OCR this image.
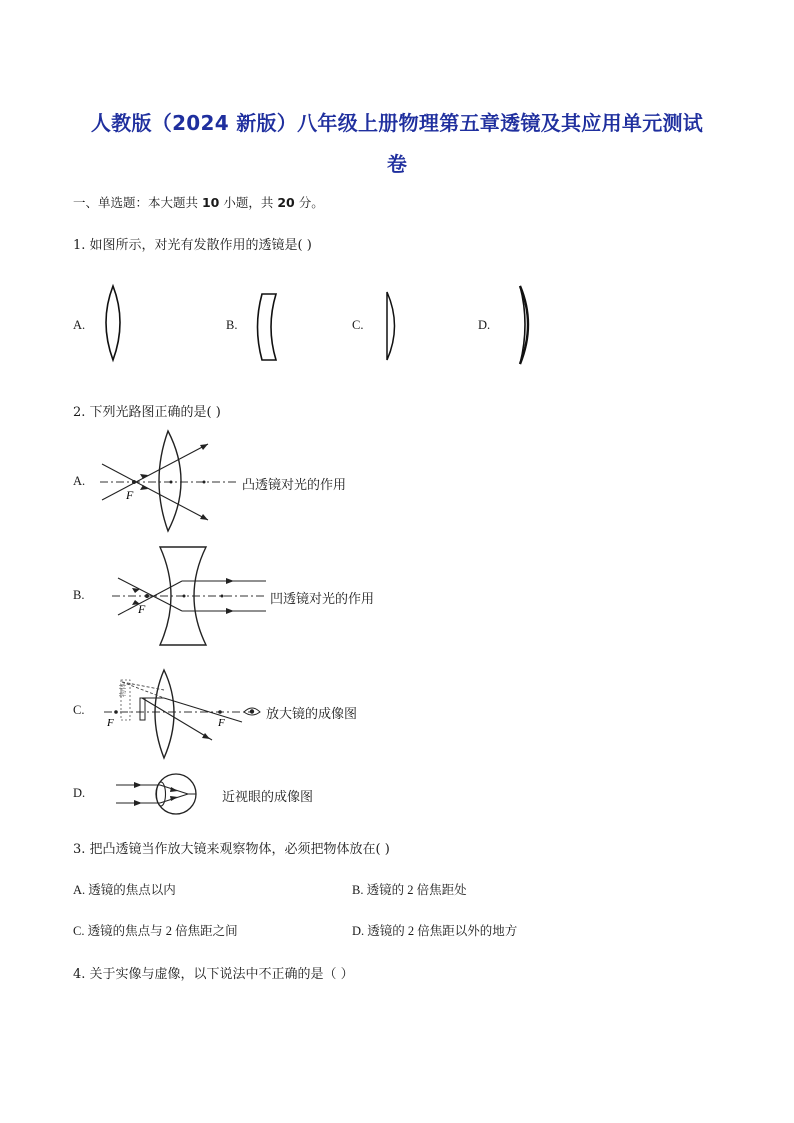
人教版（2024 新版）八年级上册物理第五章透镜及其应用单元测试
卷
一、单选题：本大题共 10 小题，共 20 分。
1. 如图所示，对光有发散作用的透镜是( )
A.	B.	C.	D.
2. 下列光路图正确的是( )
A.
F
凸透镜对光的作用
B.
F
凹透镜对光的作用
C.
物体
F	F
放大镜的成像图
D.	近视眼的成像图
3. 把凸透镜当作放大镜来观察物体，必须把物体放在( )
A. 透镜的焦点以内	B. 透镜的 2 倍焦距处
C. 透镜的焦点与 2 倍焦距之间	D. 透镜的 2 倍焦距以外的地方
4. 关于实像与虚像，以下说法中不正确的是（ ）
